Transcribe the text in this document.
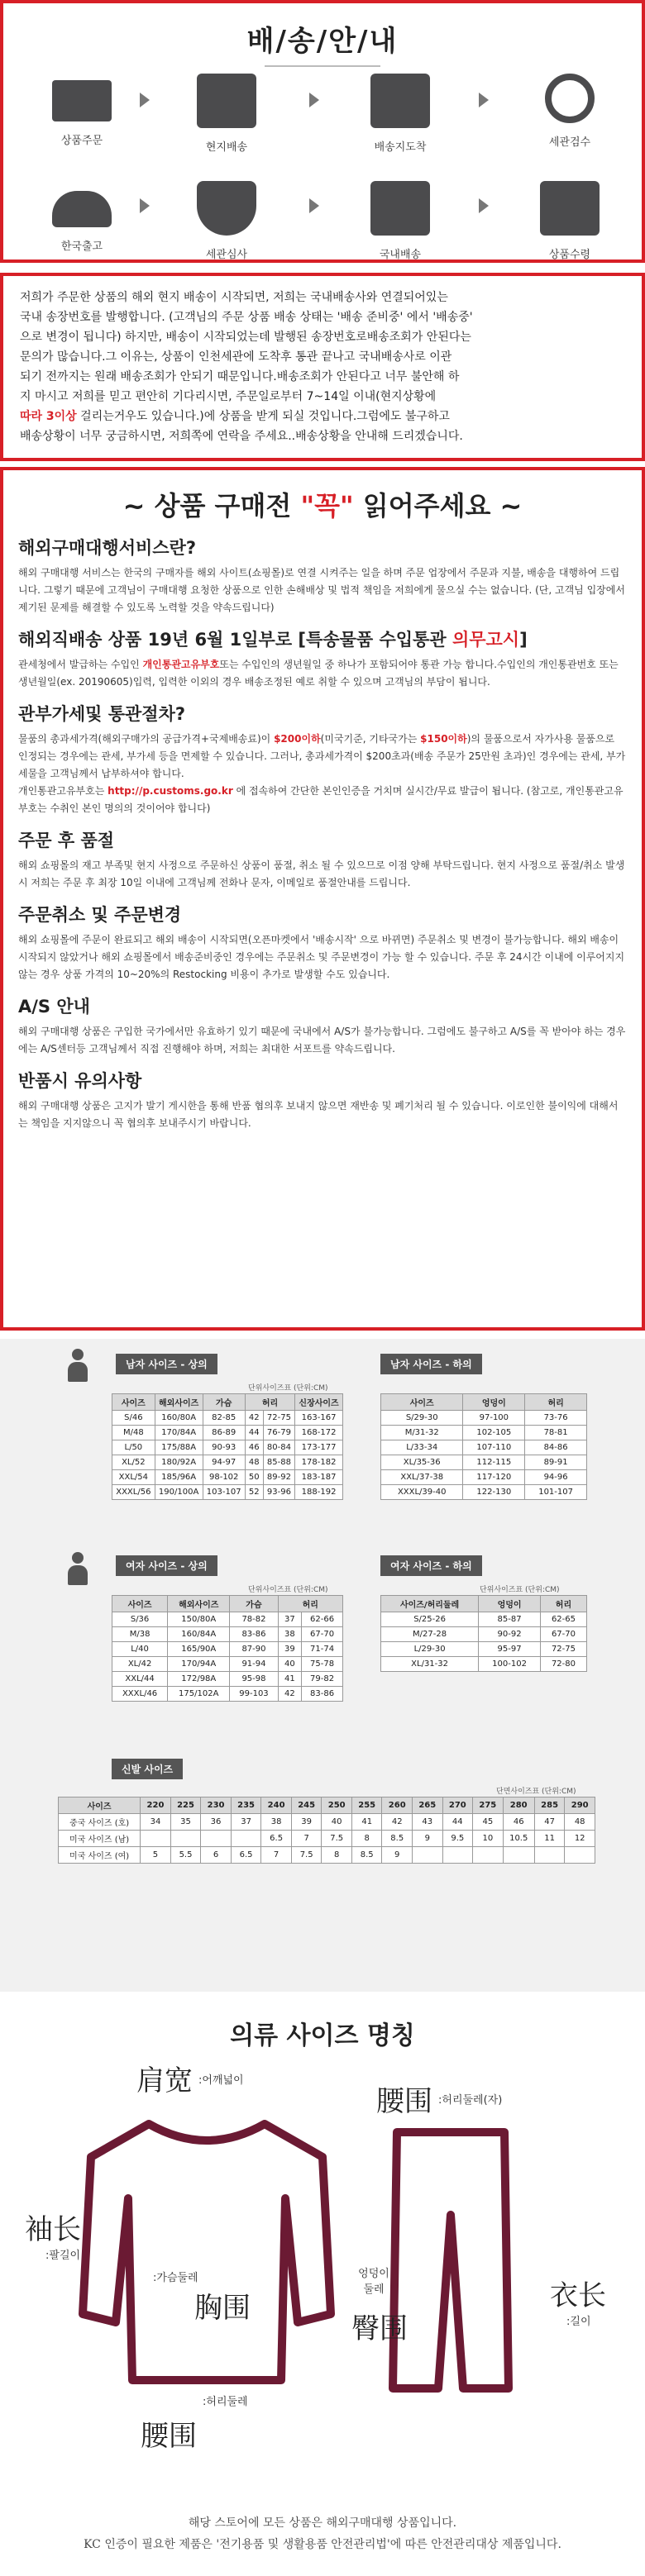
배/송/안/내
상품주문
현지배송	배송지도착	세관검수
한국출고
세관심사	국내배송	상품수령
저희가 주문한 상품의 해외 현지 배송이 시작되면, 저희는 국내배송사와 연결되어있는
국내 송장번호를 발행합니다. (고객님의 주문 상품 배송 상태는 '배송 준비중' 에서 '배송중'
으로 변경이 됩니다) 하지만, 배송이 시작되었는데 발행된 송장번호로배송조회가 안된다는
문의가 많습니다.그 이유는, 상품이 인천세관에 도착후 통관 끝나고 국내배송사로 이관
되기 전까지는 원래 배송조회가 안되기 때문입니다.배송조회가 안된다고 너무 불안해 하
지 마시고 저희를 믿고 편안히 기다리시면, 주문일로부터 7~14일 이내(현지상황에
따라 3이상 걸리는거우도 있습니다.)에 상품을 받게 되실 것입니다.그럼에도 불구하고
배송상황이 너무 궁금하시면, 저희쪽에 연락을 주세요..배송상황을 안내해 드리겠습니다.
~ 상품 구매전 "꼭" 읽어주세요 ~
해외구매대행서비스란?
해외 구매대행 서비스는 한국의 구매자를 해외 사이트(쇼핑몰)로 연결 시켜주는 일을 하며 주문 업장에서 주문과 지불, 배송을 대행하여 드립니다. 그렇기 때문에 고객님이 구매대행 요청한 상품으로 인한 손해배상 및 법적 책임을 저희에게 물으실 수는 없습니다. (단, 고객님 입장에서 제기된 문제를 해결할 수 있도록 노력할 것을 약속드립니다)
해외직배송 상품 19년 6월 1일부로 [특송물품 수입통관 의무고시]
관세청에서 발급하는 수입인 개인통관고유부호또는 수입인의 생년월일 중 하나가 포함되어야 통관 가능 합니다.수입인의 개인통관번호 또는 생년월일(ex. 20190605)입력, 입력한 이외의 경우 배송조정된 예로 취할 수 있으며 고객님의 부담이 됩니다.
관부가세및 통관절차?
물품의 총과세가격(해외구매가의 공급가격+국제배송료)이 $200이하(미국기준, 기타국가는 $150이하)의 물품으로서 자가사용 물품으로 인정되는 경우에는 관세, 부가세 등을 면제할 수 있습니다. 그러나, 총과세가격이 $200초과(배송 주문가 25만원 초과)인 경우에는 관세, 부가세물을 고객님께서 납부하셔야 합니다.
개인통관고유부호는 http://p.customs.go.kr 에 접속하여 간단한 본인인증을 거치며 실시간/무료 발급이 됩니다. (참고로, 개인통관고유부호는 수취인 본인 명의의 것이어야 합니다)
주문 후 품절
해외 쇼핑몰의 재고 부족및 현지 사정으로 주문하신 상품이 품절, 취소 될 수 있으므로 이점 양해 부탁드립니다. 현지 사정으로 품절/취소 발생시 저희는 주문 후 최장 10일 이내에 고객님께 전화나 문자, 이메일로 품절안내를 드립니다.
주문취소 및 주문변경
해외 쇼핑몰에 주문이 완료되고 해외 배송이 시작되면(오픈마켓에서 '배송시작' 으로 바뀌면) 주문취소 및 변경이 불가능합니다. 해외 배송이 시작되지 않았거나 해외 쇼핑몰에서 배송준비중인 경우에는 주문취소 및 주문변경이 가능 할 수 있습니다. 주문 후 24시간 이내에 이루어지지 않는 경우 상품 가격의 10~20%의 Restocking 비용이 추가로 발생할 수도 있습니다.
A/S 안내
해외 구매대행 상품은 구입한 국가에서만 유효하기 있기 때문에 국내에서 A/S가 불가능합니다. 그럼에도 불구하고 A/S를 꼭 받아야 하는 경우에는 A/S센터등 고객님께서 직접 진행해야 하며, 저희는 최대한 서포트를 약속드립니다.
반품시 유의사항
해외 구매대행 상품은 고지가 발기 게시한을 통해 반품 협의후 보내지 않으면 재반송 및 폐기처리 될 수 있습니다. 이로인한 불이익에 대해서는 책임을 지지않으니 꼭 협의후 보내주시기 바랍니다.
남자 사이즈 - 상의
단위사이즈표 (단위:CM)
사이즈	해외사이즈	가슴	허리		신장사이즈
S/46	160/80A	82-85	42	72-75	163-167
M/48	170/84A	86-89	44	76-79	168-172
L/50	175/88A	90-93	46	80-84	173-177
XL/52	180/92A	94-97	48	85-88	178-182
XXL/54	185/96A	98-102	50	89-92	183-187
XXXL/56	190/100A	103-107	52	93-96	188-192
남자 사이즈 - 하의
사이즈	엉덩이	허리
S/29-30	97-100	73-76
M/31-32	102-105	78-81
L/33-34	107-110	84-86
XL/35-36	112-115	89-91
XXL/37-38	117-120	94-96
XXXL/39-40	122-130	101-107
여자 사이즈 - 상의
단위사이즈표 (단위:CM)
사이즈	해외사이즈	가슴	허리	
S/36	150/80A	78-82	37	62-66
M/38	160/84A	83-86	38	67-70
L/40	165/90A	87-90	39	71-74
XL/42	170/94A	91-94	40	75-78
XXL/44	172/98A	95-98	41	79-82
XXXL/46	175/102A	99-103	42	83-86
여자 사이즈 - 하의
단위사이즈표 (단위:CM)
사이즈/허리둘레	엉덩이	허리
S/25-26	85-87	62-65
M/27-28	90-92	67-70
L/29-30	95-97	72-75
XL/31-32	100-102	72-80
신발 사이즈
단면사이즈표 (단위:CM)
사이즈	220	225	230	235	240	245	250	255	260	265	270	275	280	285	290
중국 사이즈 (호)	34	35	36	37	38	39	40	41	42	43	44	45	46	47	48
미국 사이즈 (남)					6.5	7	7.5	8	8.5	9	9.5	10	10.5	11	12
미국 사이즈 (여)	5	5.5	6	6.5	7	7.5	8	8.5	9						
의류 사이즈 명칭
肩宽 :어깨넓이
袖长
:팔길이
:가슴둘레
胸围
腰围
:허리둘레
腰围 :허리둘레(자)
엉덩이
둘레
臀围
衣长
:길이
해당 스토어에 모든 상품은 해외구매대행 상품입니다.
KC 인증이 필요한 제품은 '전기용품 및 생활용품 안전관리법'에 따른 안전관리대상 제품입니다.
